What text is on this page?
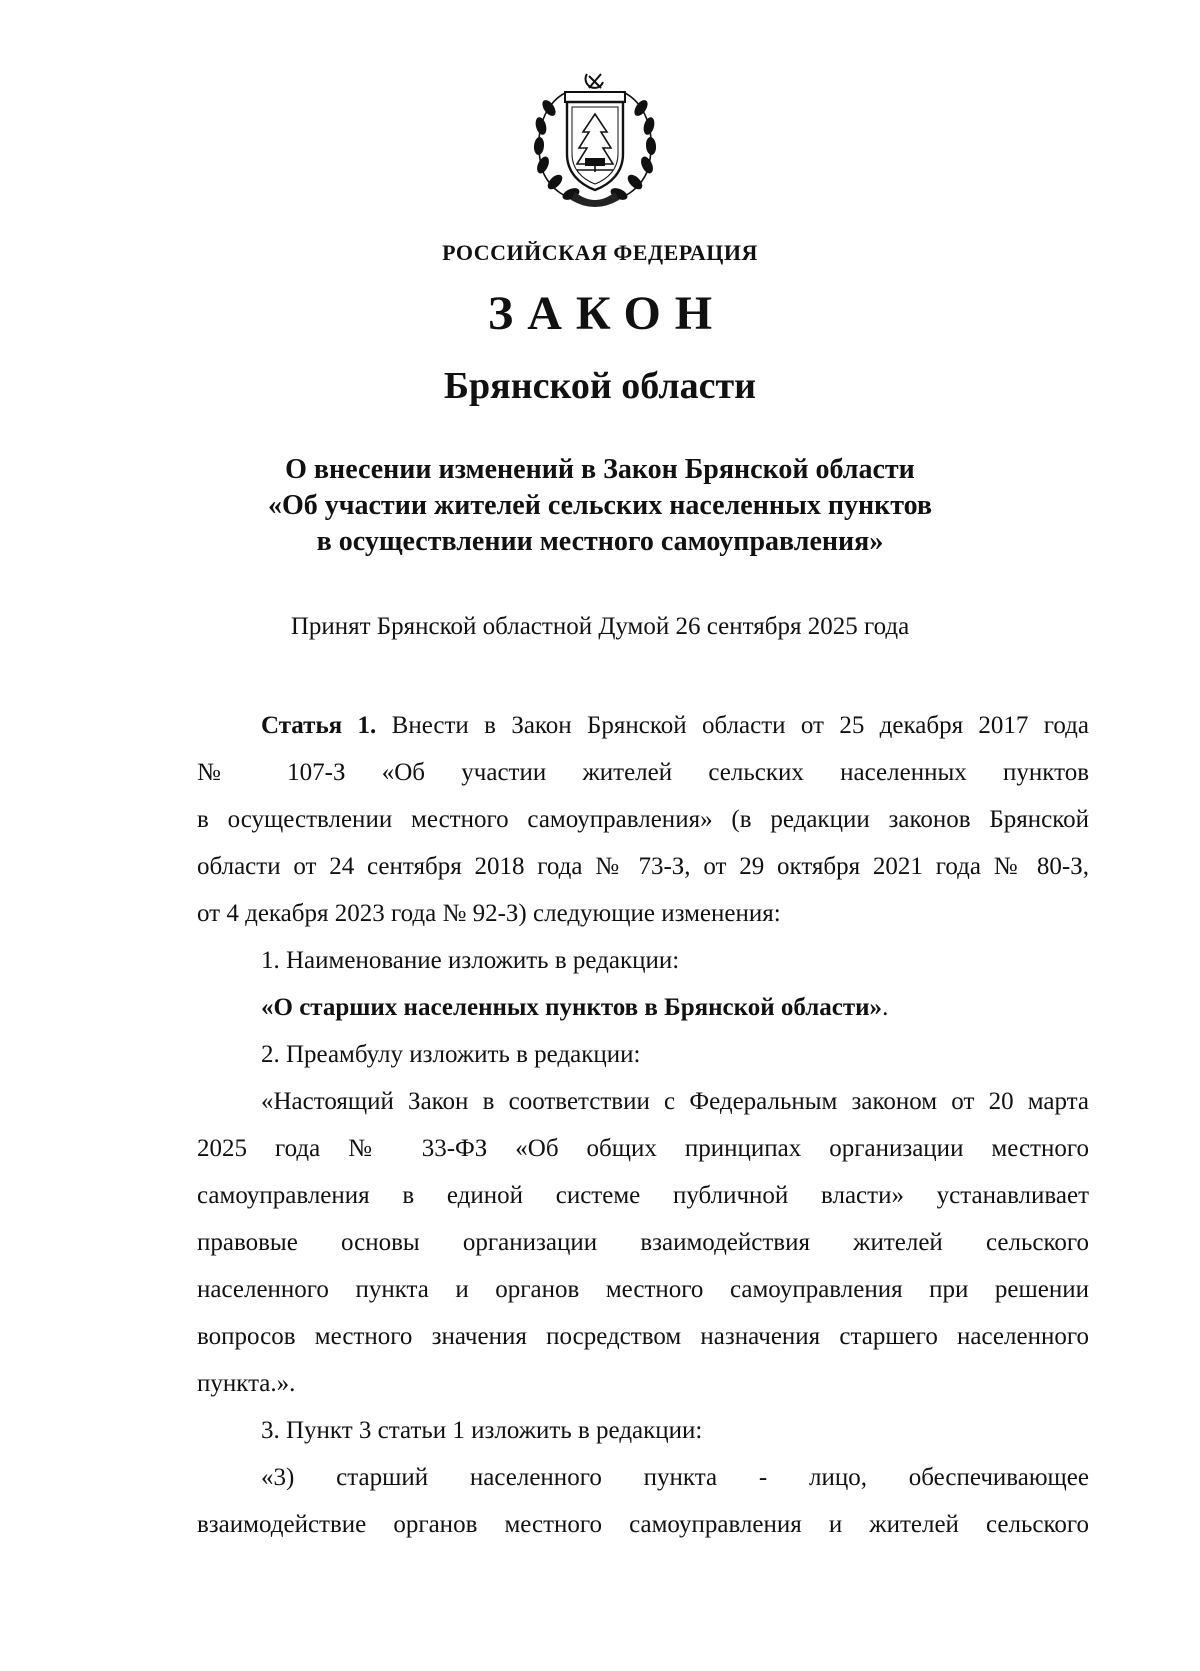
РОССИЙСКАЯ ФЕДЕРАЦИЯ
ЗАКОН
Брянской области
О внесении изменений в Закон Брянской области
«Об участии жителей сельских населенных пунктов
в осуществлении местного самоуправления»
Принят Брянской областной Думой 26 сентября 2025 года
Статья 1. Внести в Закон Брянской области от 25 декабря 2017 года
№ 107-З «Об участии жителей сельских населенных пунктов
в осуществлении местного самоуправления» (в редакции законов Брянской
области от 24 сентября 2018 года № 73-З, от 29 октября 2021 года № 80-З,
от 4 декабря 2023 года № 92-З) следующие изменения:
1. Наименование изложить в редакции:
«О старших населенных пунктов в Брянской области».
2. Преамбулу изложить в редакции:
«Настоящий Закон в соответствии с Федеральным законом от 20 марта
2025 года № 33-ФЗ «Об общих принципах организации местного
самоуправления в единой системе публичной власти» устанавливает
правовые основы организации взаимодействия жителей сельского
населенного пункта и органов местного самоуправления при решении
вопросов местного значения посредством назначения старшего населенного
пункта.».
3. Пункт 3 статьи 1 изложить в редакции:
«3) старший населенного пункта - лицо, обеспечивающее
взаимодействие органов местного самоуправления и жителей сельского
